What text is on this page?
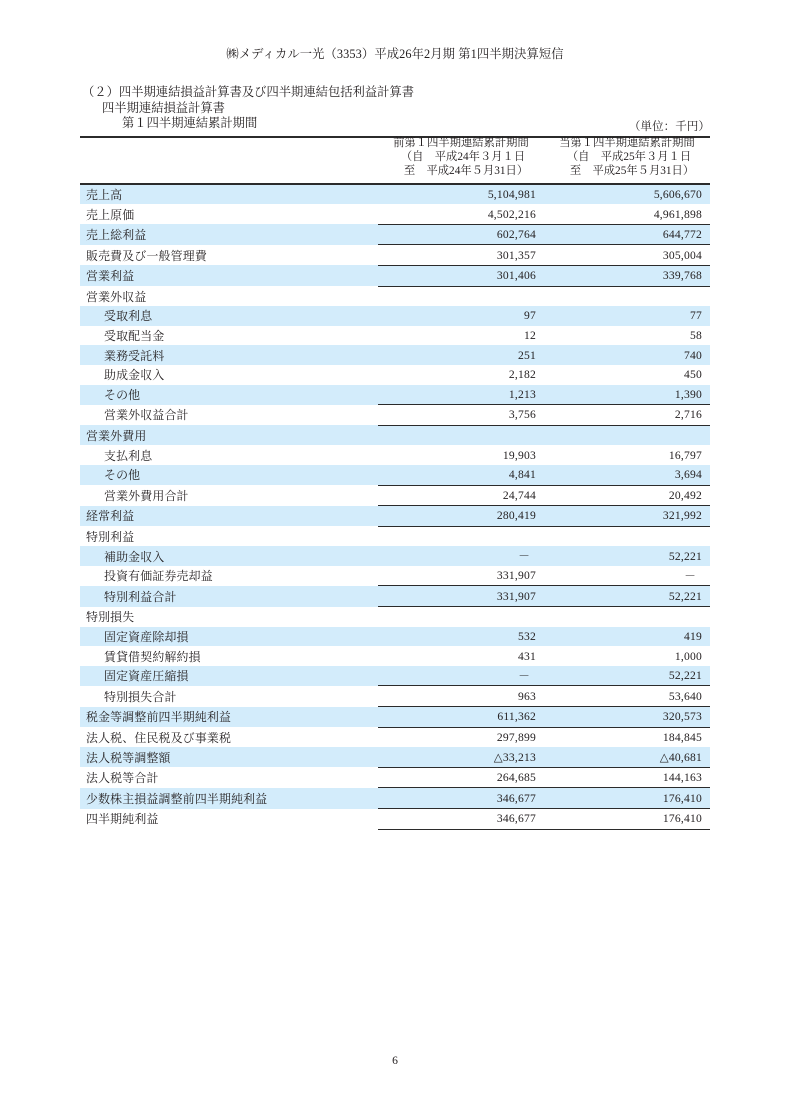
㈱メディカル一光（3353）平成26年2月期 第1四半期決算短信
（２）四半期連結損益計算書及び四半期連結包括利益計算書
四半期連結損益計算書
第１四半期連結累計期間	（単位：千円）

	前第１四半期連結累計期間
（自　平成24年３月１日
至　平成24年５月31日）	当第１四半期連結累計期間
（自　平成25年３月１日
至　平成25年５月31日）

売上高	5,104,981	5,606,670
売上原価	4,502,216	4,961,898
売上総利益	602,764	644,772
販売費及び一般管理費	301,357	305,004
営業利益	301,406	339,768
営業外収益		
受取利息	97	77
受取配当金	12	58
業務受託料	251	740
助成金収入	2,182	450
その他	1,213	1,390
営業外収益合計	3,756	2,716
営業外費用		
支払利息	19,903	16,797
その他	4,841	3,694
営業外費用合計	24,744	20,492
経常利益	280,419	321,992
特別利益		
補助金収入	－	52,221
投資有価証券売却益	331,907	－
特別利益合計	331,907	52,221
特別損失		
固定資産除却損	532	419
賃貸借契約解約損	431	1,000
固定資産圧縮損	－	52,221
特別損失合計	963	53,640
税金等調整前四半期純利益	611,362	320,573
法人税、住民税及び事業税	297,899	184,845
法人税等調整額	△33,213	△40,681
法人税等合計	264,685	144,163
少数株主損益調整前四半期純利益	346,677	176,410
四半期純利益	346,677	176,410
6
